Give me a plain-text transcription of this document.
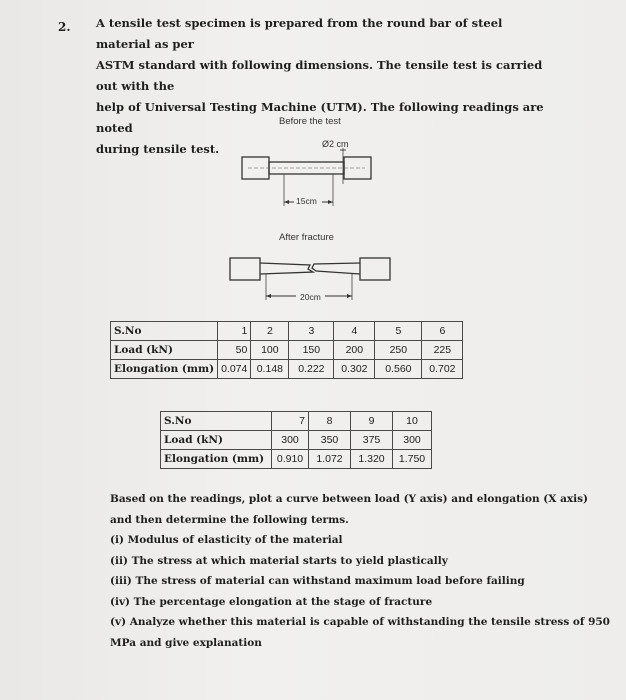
2. A tensile test specimen is prepared from the round bar of steel material as per
ASTM standard with following dimensions. The tensile test is carried out with the
help of Universal Testing Machine (UTM). The following readings are noted
during tensile test.
Before the test
Ø2 cm
15cm
After fracture
20cm
S.No	1	2	3	4	5	6
Load (kN)	50	100	150	200	250	225
Elongation (mm)	0.074	0.148	0.222	0.302	0.560	0.702
S.No	7	8	9	10
Load (kN)	300	350	375	300
Elongation (mm)	0.910	1.072	1.320	1.750
Based on the readings, plot a curve between load (Y axis) and elongation (X axis)
and then determine the following terms.
(i) Modulus of elasticity of the material
(ii) The stress at which material starts to yield plastically
(iii) The stress of material can withstand maximum load before failing
(iv) The percentage elongation at the stage of fracture
(v) Analyze whether this material is capable of withstanding the tensile stress of 950
MPa and give explanation
